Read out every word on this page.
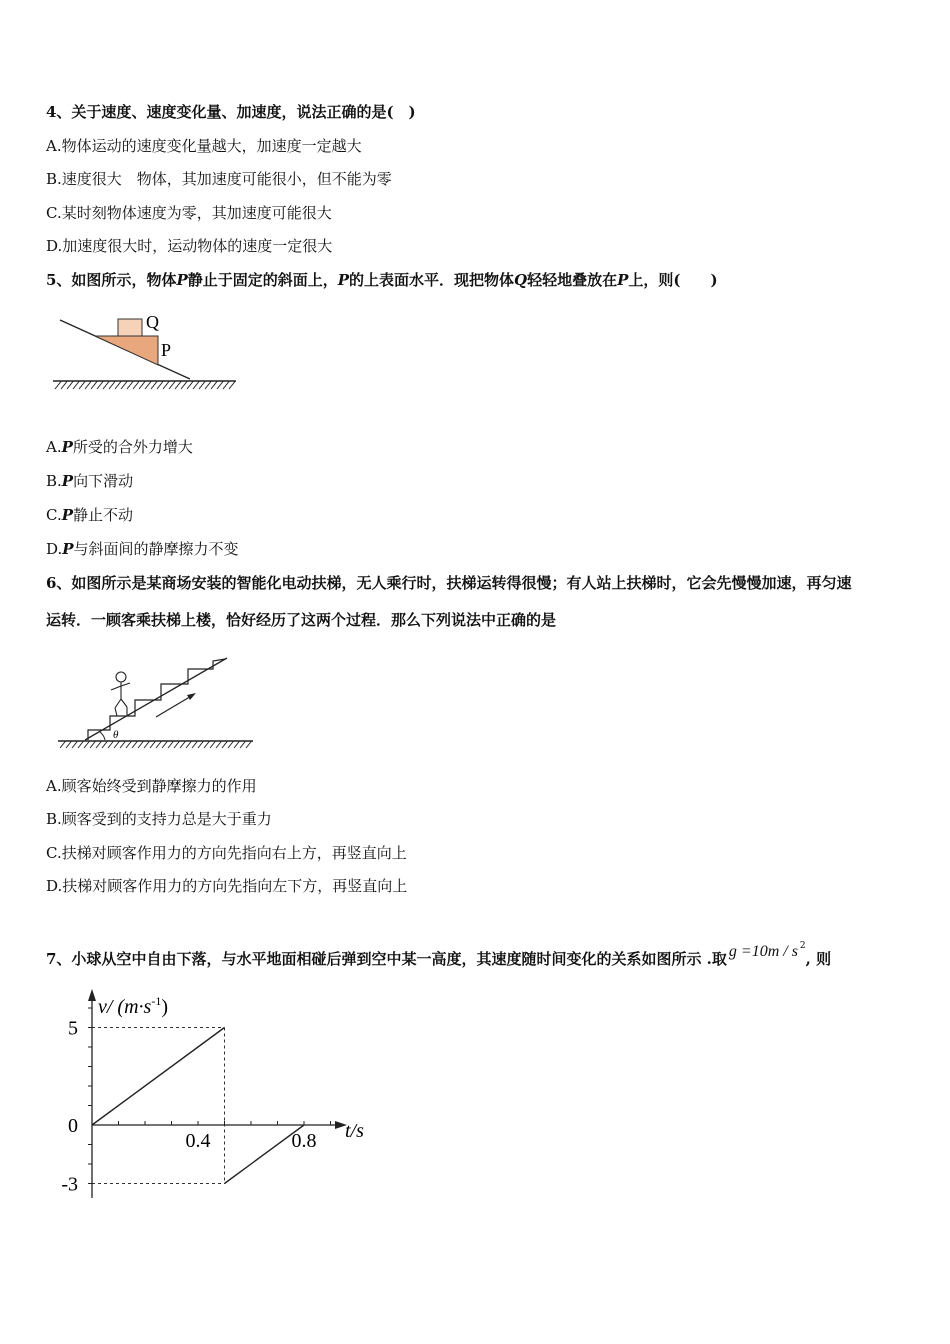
4、关于速度、速度变化量、加速度，说法正确的是(　)
A.物体运动的速度变化量越大，加速度一定越大
B.速度很大　物体，其加速度可能很小，但不能为零
C.某时刻物体速度为零，其加速度可能很大
D.加速度很大时，运动物体的速度一定很大
5、如图所示，物体P静止于固定的斜面上，P的上表面水平．现把物体Q轻轻地叠放在P上，则(　　)
Q
P
A.P所受的合外力增大
B.P向下滑动
C.P静止不动
D.P与斜面间的静摩擦力不变
6、如图所示是某商场安装的智能化电动扶梯，无人乘行时，扶梯运转得很慢；有人站上扶梯时，它会先慢慢加速，再匀速
运转．一顾客乘扶梯上楼，恰好经历了这两个过程．那么下列说法中正确的是
θ
A.顾客始终受到静摩擦力的作用
B.顾客受到的支持力总是大于重力
C.扶梯对顾客作用力的方向先指向右上方，再竖直向上
D.扶梯对顾客作用力的方向先指向左下方，再竖直向上
7、小球从空中自由下落，与水平地面相碰后弹到空中某一高度，其速度随时间变化的关系如图所示 .取 g =10m / s $^2$, 则
v/ $(m\cdot s^{-1})$
t/s
5
0
-3
0.4	0.8
